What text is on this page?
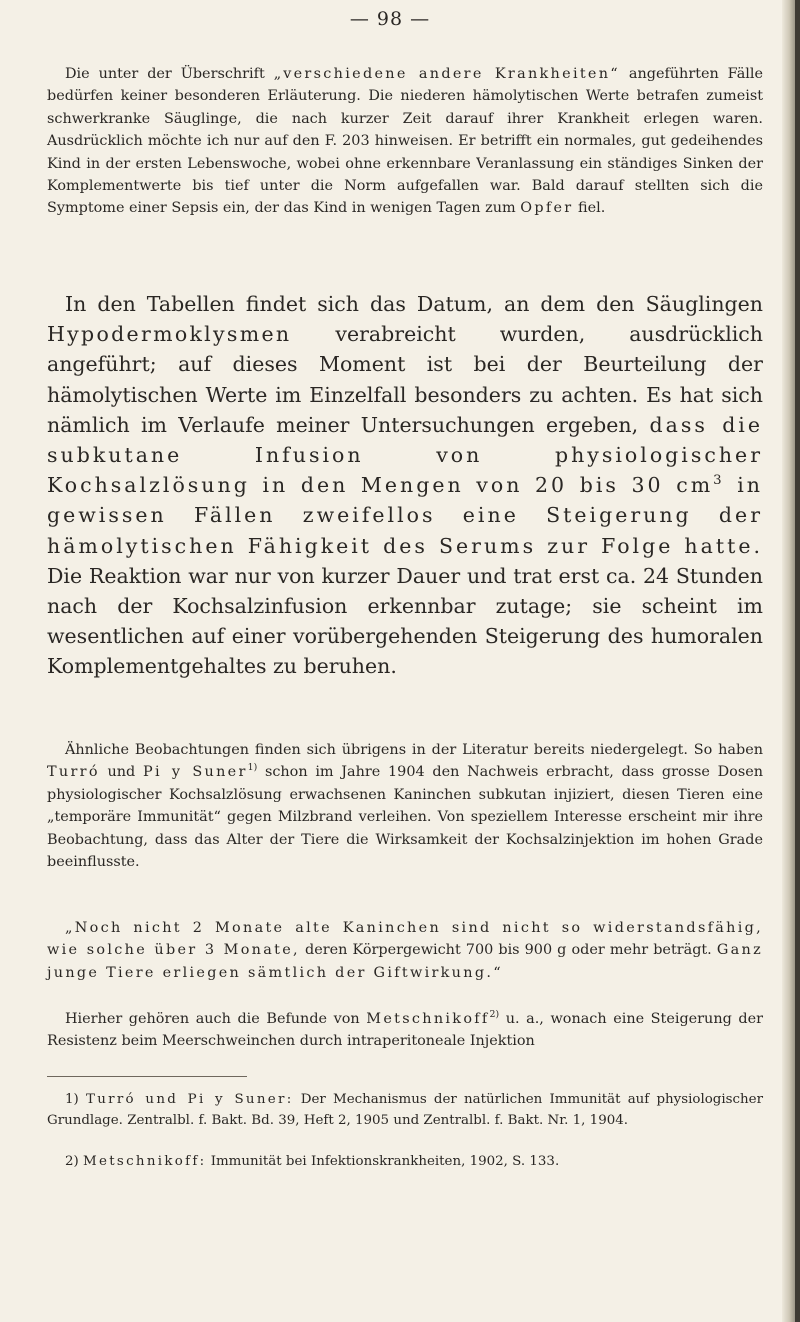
— 98 —
Die unter der Überschrift „verschiedene andere Krankheiten“ angeführten Fälle bedürfen keiner besonderen Erläuterung. Die niederen hämolytischen Werte betrafen zumeist schwerkranke Säuglinge, die nach kurzer Zeit darauf ihrer Krankheit erlegen waren. Ausdrücklich möchte ich nur auf den F. 203 hinweisen. Er betrifft ein normales, gut gedeihendes Kind in der ersten Lebenswoche, wobei ohne erkennbare Veranlassung ein ständiges Sinken der Komplementwerte bis tief unter die Norm aufgefallen war. Bald darauf stellten sich die Symptome einer Sepsis ein, der das Kind in wenigen Tagen zum Opfer fiel.
In den Tabellen findet sich das Datum, an dem den Säuglingen Hypodermoklysmen verabreicht wurden, ausdrücklich angeführt; auf dieses Moment ist bei der Beurteilung der hämolytischen Werte im Einzelfall besonders zu achten. Es hat sich nämlich im Verlaufe meiner Untersuchungen ergeben, dass die subkutane Infusion von physiologischer Kochsalzlösung in den Mengen von 20 bis 30 $cm^3$ in gewissen Fällen zweifellos eine Steigerung der hämolytischen Fähigkeit des Serums zur Folge hatte. Die Reaktion war nur von kurzer Dauer und trat erst ca. 24 Stunden nach der Kochsalzinfusion erkennbar zutage; sie scheint im wesentlichen auf einer vorübergehenden Steigerung des humoralen Komplementgehaltes zu beruhen.
Ähnliche Beobachtungen finden sich übrigens in der Literatur bereits niedergelegt. So haben Turró und Pi y Suner$^{1)}$ schon im Jahre 1904 den Nachweis erbracht, dass grosse Dosen physiologischer Kochsalzlösung erwachsenen Kaninchen subkutan injiziert, diesen Tieren eine „temporäre Immunität“ gegen Milzbrand verleihen. Von speziellem Interesse erscheint mir ihre Beobachtung, dass das Alter der Tiere die Wirksamkeit der Kochsalzinjektion im hohen Grade beeinflusste.
„Noch nicht 2 Monate alte Kaninchen sind nicht so widerstandsfähig, wie solche über 3 Monate, deren Körpergewicht 700 bis 900 g oder mehr beträgt. Ganz junge Tiere erliegen sämtlich der Giftwirkung.“
Hierher gehören auch die Befunde von Metschnikoff$^{2)}$ u. a., wonach eine Steigerung der Resistenz beim Meerschweinchen durch intraperitoneale Injektion
1) Turró und Pi y Suner: Der Mechanismus der natürlichen Immunität auf physiologischer Grundlage. Zentralbl. f. Bakt. Bd. 39, Heft 2, 1905 und Zentralbl. f. Bakt. Nr. 1, 1904.
2) Metschnikoff: Immunität bei Infektionskrankheiten, 1902, S. 133.
